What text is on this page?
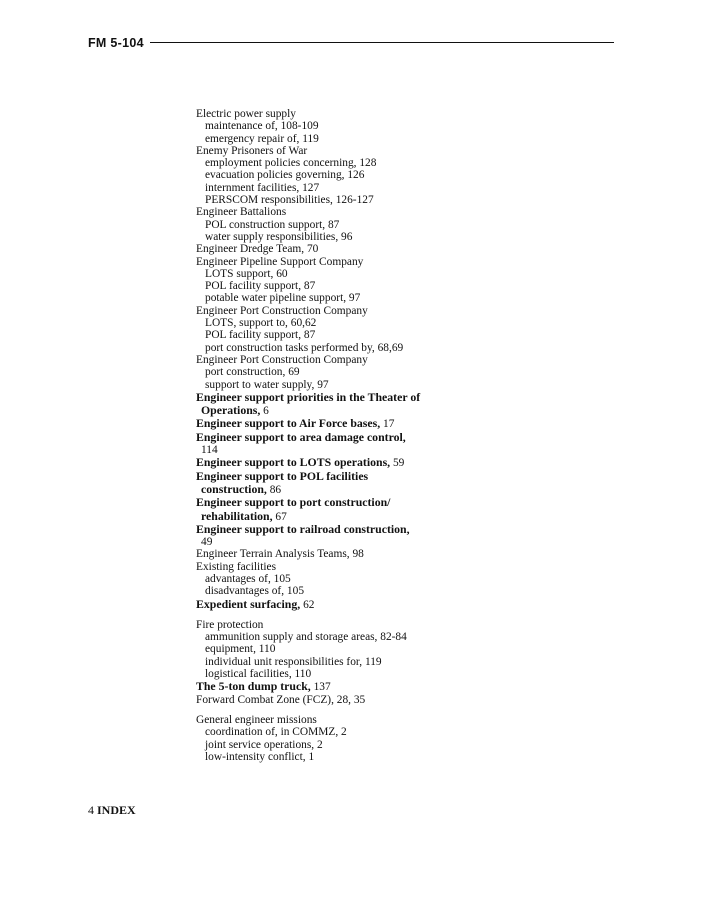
FM 5-104
Electric power supply
maintenance of, 108-109
emergency repair of, 119
Enemy Prisoners of War
employment policies concerning, 128
evacuation policies governing, 126
internment facilities, 127
PERSCOM responsibilities, 126-127
Engineer Battalions
POL construction support, 87
water supply responsibilities, 96
Engineer Dredge Team, 70
Engineer Pipeline Support Company
LOTS support, 60
POL facility support, 87
potable water pipeline support, 97
Engineer Port Construction Company
LOTS, support to, 60,62
POL facility support, 87
port construction tasks performed by, 68,69
Engineer Port Construction Company
port construction, 69
support to water supply, 97
Engineer support priorities in the Theater of
Operations, 6
Engineer support to Air Force bases, 17
Engineer support to area damage control,
114
Engineer support to LOTS operations, 59
Engineer support to POL facilities
construction, 86
Engineer support to port construction/
rehabilitation, 67
Engineer support to railroad construction,
49
Engineer Terrain Analysis Teams, 98
Existing facilities
advantages of, 105
disadvantages of, 105
Expedient surfacing, 62
Fire protection
ammunition supply and storage areas, 82-84
equipment, 110
individual unit responsibilities for, 119
logistical facilities, 110
The 5-ton dump truck, 137
Forward Combat Zone (FCZ), 28, 35
General engineer missions
coordination of, in COMMZ, 2
joint service operations, 2
low-intensity conflict, 1
4 INDEX
